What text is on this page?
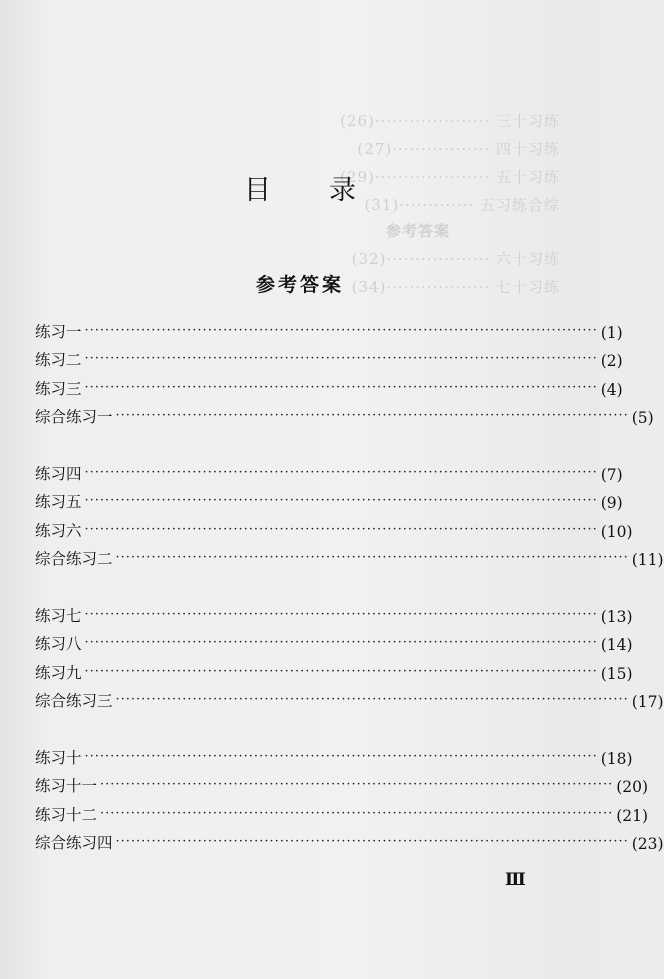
(26)···················· 三十习练
(27)················· 四十习练
(29)···················· 五十习练
(31)············· 五习练合综
参考答案
(32)·················· 六十习练
(34)·················· 七十习练
目录
参考答案
练习一 ···································································································· (1)
练习二 ···································································································· (2)
练习三 ···································································································· (4)
综合练习一 ···································································································· (5)
练习四 ···································································································· (7)
练习五 ···································································································· (9)
练习六 ···································································································· (10)
综合练习二 ···································································································· (11)
练习七 ···································································································· (13)
练习八 ···································································································· (14)
练习九 ···································································································· (15)
综合练习三 ···································································································· (17)
练习十 ···································································································· (18)
练习十一 ···································································································· (20)
练习十二 ···································································································· (21)
综合练习四 ···································································································· (23)
Ⅲ
